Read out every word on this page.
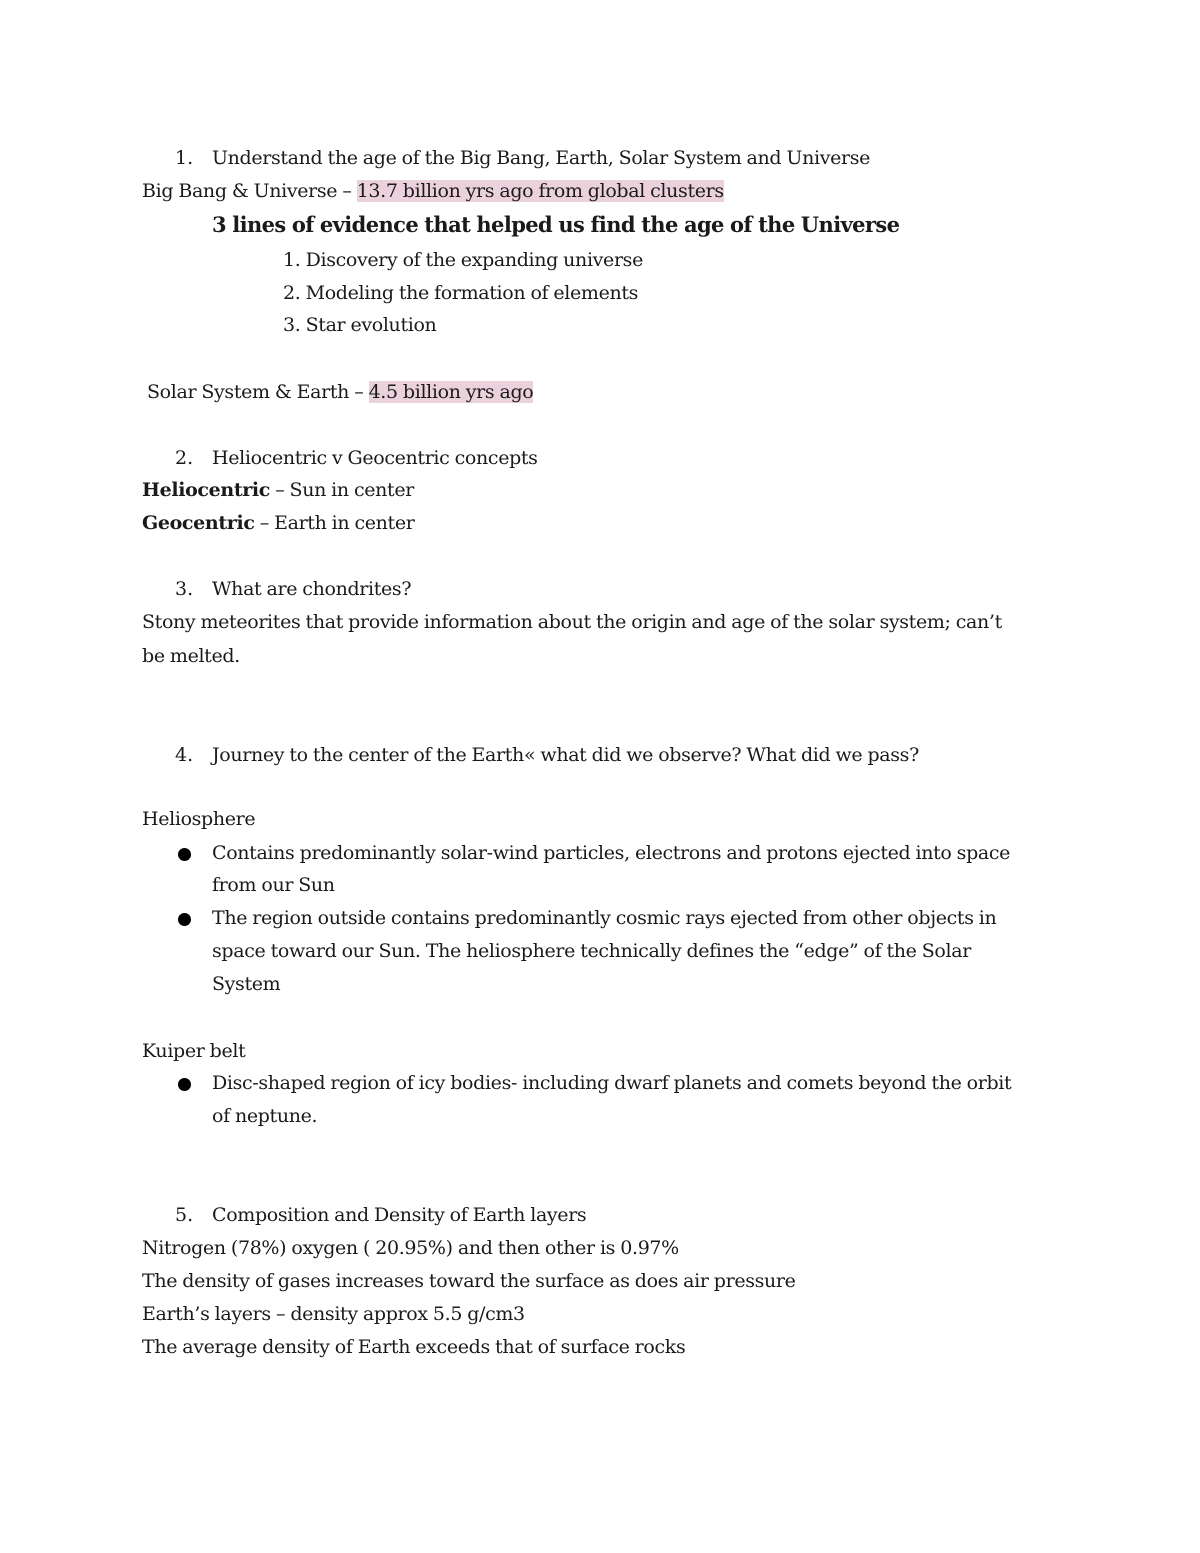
1. Understand the age of the Big Bang, Earth, Solar System and Universe
Big Bang & Universe – 13.7 billion yrs ago from global clusters
3 lines of evidence that helped us find the age of the Universe
1. Discovery of the expanding universe
2. Modeling the formation of elements
3. Star evolution
Solar System & Earth – 4.5 billion yrs ago
2. Heliocentric v Geocentric concepts
Heliocentric – Sun in center
Geocentric – Earth in center
3. What are chondrites?
Stony meteorites that provide information about the origin and age of the solar system; can’t
be melted.
4. Journey to the center of the Earth« what did we observe? What did we pass?
Heliosphere
Contains predominantly solar-wind particles, electrons and protons ejected into space
from our Sun
The region outside contains predominantly cosmic rays ejected from other objects in
space toward our Sun. The heliosphere technically defines the “edge” of the Solar
System
Kuiper belt
Disc-shaped region of icy bodies- including dwarf planets and comets beyond the orbit
of neptune.
5. Composition and Density of Earth layers
Nitrogen (78%) oxygen ( 20.95%) and then other is 0.97%
The density of gases increases toward the surface as does air pressure
Earth’s layers – density approx 5.5 g/cm3
The average density of Earth exceeds that of surface rocks
